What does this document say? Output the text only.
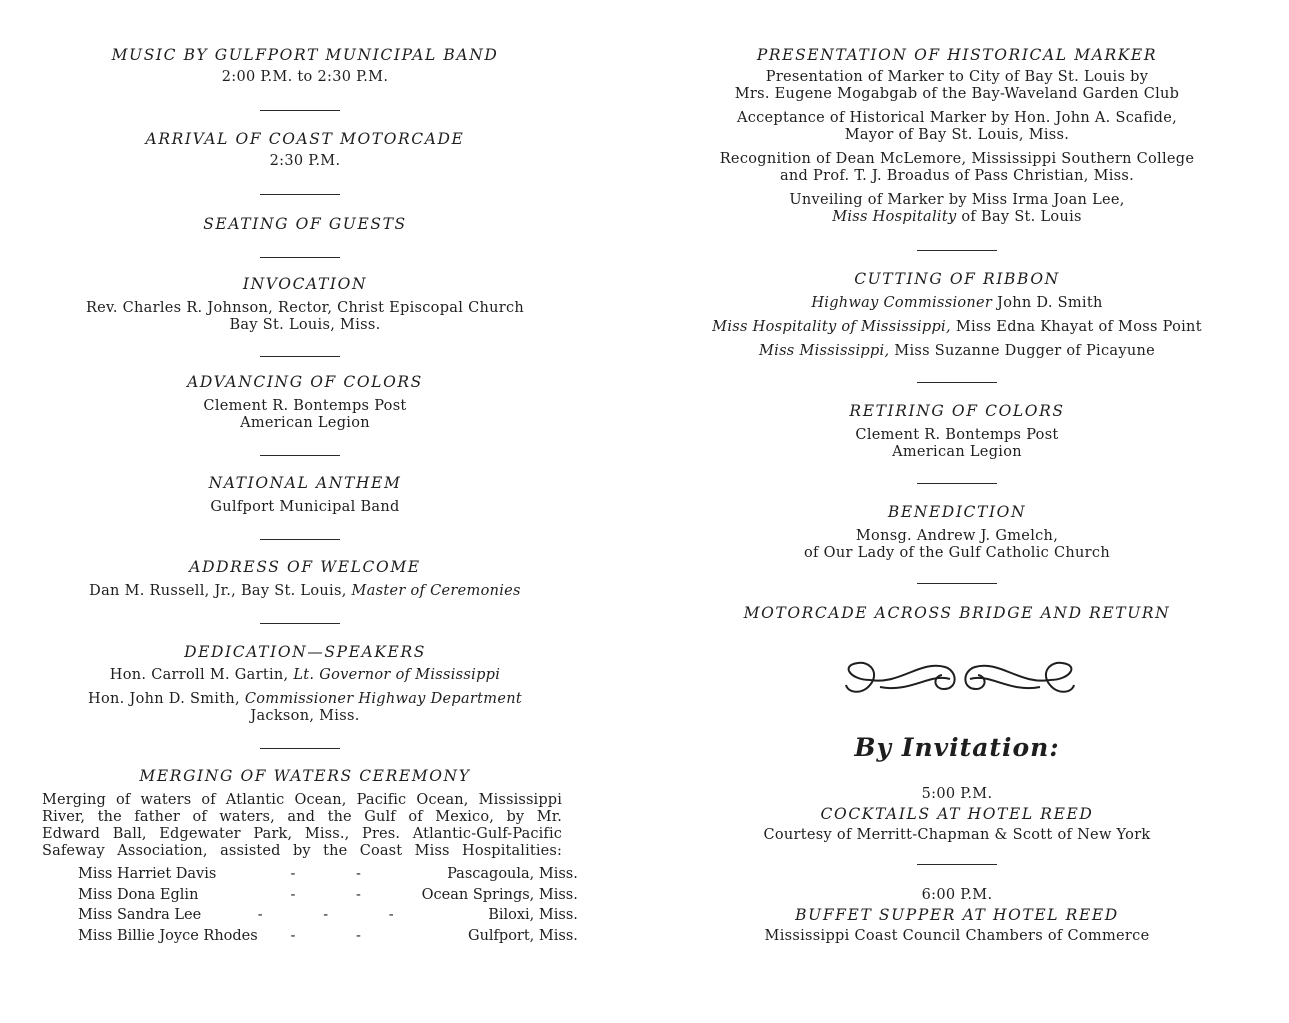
MUSIC BY GULFPORT MUNICIPAL BAND

2:00 P.M. to 2:30 P.M.

ARRIVAL OF COAST MOTORCADE

2:30 P.M.

SEATING OF GUESTS

INVOCATION

Rev. Charles R. Johnson, Rector, Christ Episcopal Church
Bay St. Louis, Miss.

ADVANCING OF COLORS

Clement R. Bontemps Post
American Legion

NATIONAL ANTHEM

Gulfport Municipal Band

ADDRESS OF WELCOME

Dan M. Russell, Jr., Bay St. Louis, Master of Ceremonies

DEDICATION—SPEAKERS

Hon. Carroll M. Gartin, Lt. Governor of Mississippi
Hon. John D. Smith, Commissioner Highway Department
Jackson, Miss.

MERGING OF WATERS CEREMONY

Merging of waters of Atlantic Ocean, Pacific Ocean, Mississippi
River, the father of waters, and the Gulf of Mexico, by Mr.
Edward Ball, Edgewater Park, Miss., Pres. Atlantic-Gulf-Pacific
Safeway Association, assisted by the Coast Miss Hospitalities:
Miss Harriet Davis	- -	Pascagoula, Miss.
Miss Dona Eglin	- -	Ocean Springs, Miss.
Miss Sandra Lee	- - -	Biloxi, Miss.
Miss Billie Joyce Rhodes	- -	Gulfport, Miss.

PRESENTATION OF HISTORICAL MARKER

Presentation of Marker to City of Bay St. Louis by
Mrs. Eugene Mogabgab of the Bay-Waveland Garden Club
Acceptance of Historical Marker by Hon. John A. Scafide,
Mayor of Bay St. Louis, Miss.
Recognition of Dean McLemore, Mississippi Southern College
and Prof. T. J. Broadus of Pass Christian, Miss.
Unveiling of Marker by Miss Irma Joan Lee,
Miss Hospitality of Bay St. Louis

CUTTING OF RIBBON

Highway Commissioner John D. Smith
Miss Hospitality of Mississippi, Miss Edna Khayat of Moss Point
Miss Mississippi, Miss Suzanne Dugger of Picayune

RETIRING OF COLORS

Clement R. Bontemps Post
American Legion

BENEDICTION

Monsg. Andrew J. Gmelch,
of Our Lady of the Gulf Catholic Church

MOTORCADE ACROSS BRIDGE AND RETURN

By Invitation:
5:00 P.M.

COCKTAILS AT HOTEL REED

Courtesy of Merritt-Chapman & Scott of New York
6:00 P.M.

BUFFET SUPPER AT HOTEL REED

Mississippi Coast Council Chambers of Commerce
